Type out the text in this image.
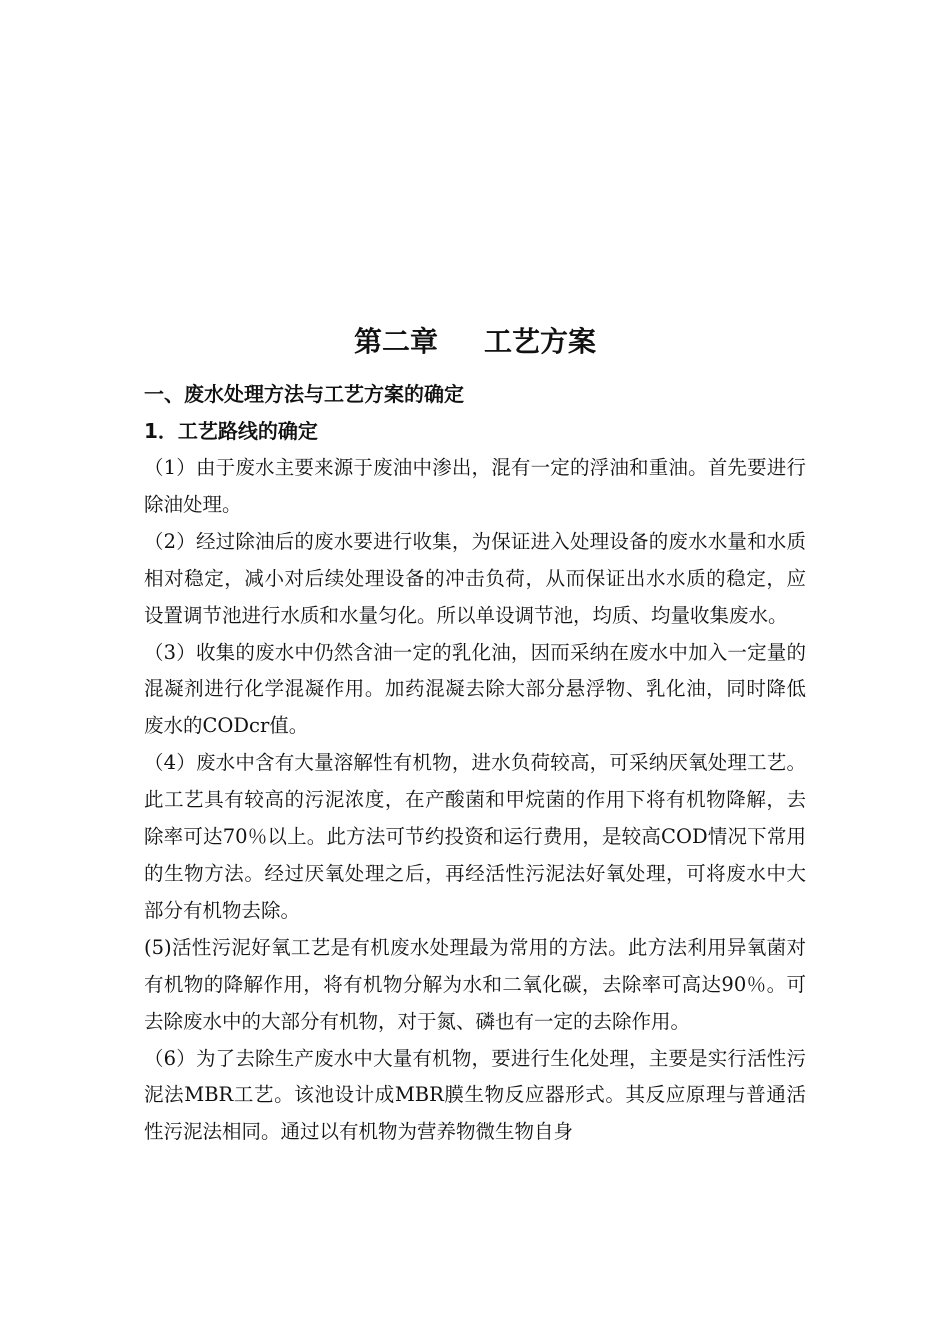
第二章 工艺方案

一、废水处理方法与工艺方案的确定

1．工艺路线的确定

（1）由于废水主要来源于废油中渗出，混有一定的浮油和重油。首先要进行除油处理。

（2）经过除油后的废水要进行收集，为保证进入处理设备的废水水量和水质相对稳定，减小对后续处理设备的冲击负荷，从而保证出水水质的稳定，应设置调节池进行水质和水量匀化。所以单设调节池，均质、均量收集废水。

（3）收集的废水中仍然含油一定的乳化油，因而采纳在废水中加入一定量的混凝剂进行化学混凝作用。加药混凝去除大部分悬浮物、乳化油，同时降低废水的CODcr值。

（4）废水中含有大量溶解性有机物，进水负荷较高，可采纳厌氧处理工艺。此工艺具有较高的污泥浓度，在产酸菌和甲烷菌的作用下将有机物降解，去除率可达70％以上。此方法可节约投资和运行费用，是较高COD情况下常用的生物方法。经过厌氧处理之后，再经活性污泥法好氧处理，可将废水中大部分有机物去除。

(5)活性污泥好氧工艺是有机废水处理最为常用的方法。此方法利用异氧菌对有机物的降解作用，将有机物分解为水和二氧化碳，去除率可高达90％。可去除废水中的大部分有机物，对于氮、磷也有一定的去除作用。

（6）为了去除生产废水中大量有机物，要进行生化处理，主要是实行活性污泥法MBR工艺。该池设计成MBR膜生物反应器形式。其反应原理与普通活性污泥法相同。通过以有机物为营养物微生物自身
